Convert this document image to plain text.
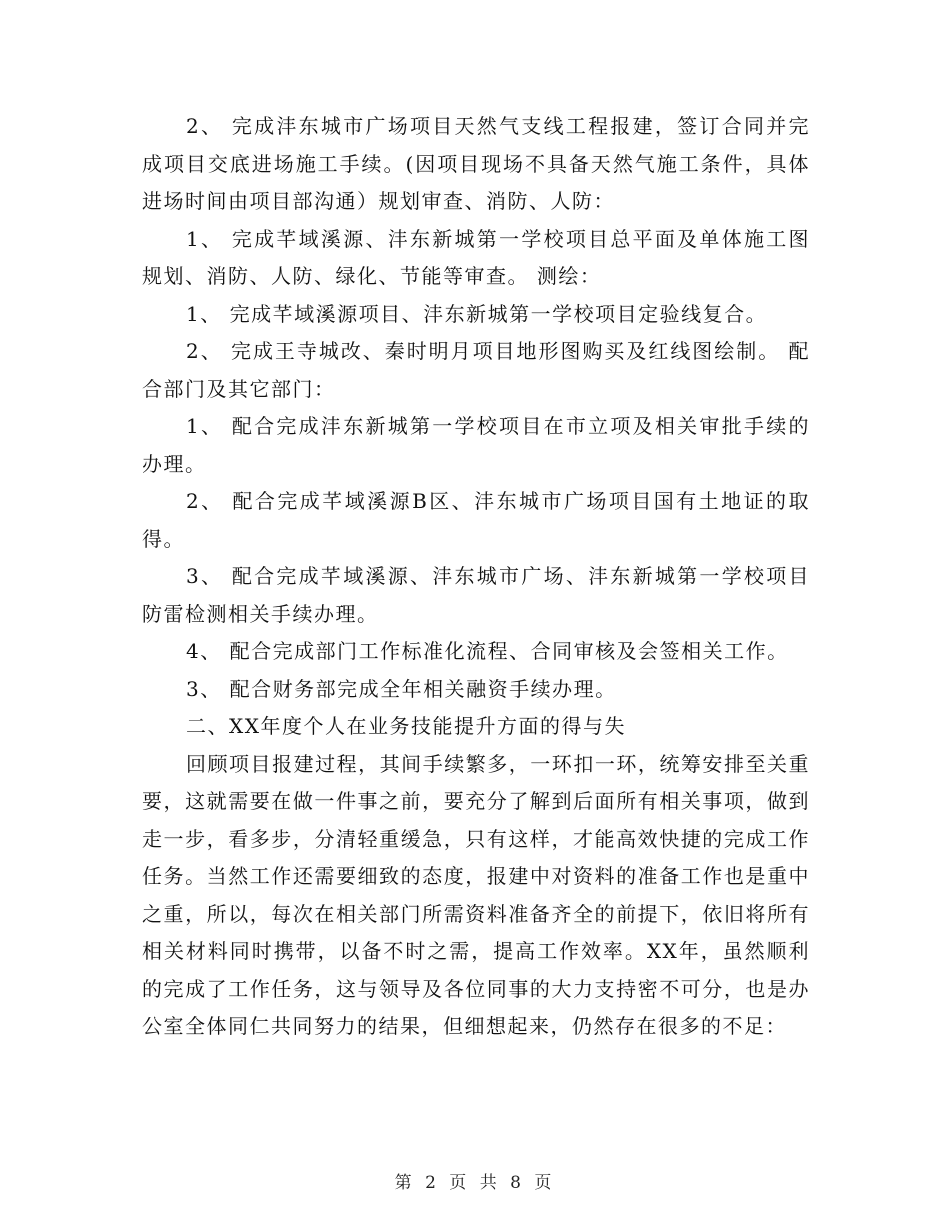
2、 完成沣东城市广场项目天然气支线工程报建，签订合同并完成项目交底进场施工手续。(因项目现场不具备天然气施工条件，具体进场时间由项目部沟通）规划审查、消防、人防：

1、 完成芊域溪源、沣东新城第一学校项目总平面及单体施工图规划、消防、人防、绿化、节能等审查。 测绘：

1、 完成芊域溪源项目、沣东新城第一学校项目定验线复合。

2、 完成王寺城改、秦时明月项目地形图购买及红线图绘制。 配合部门及其它部门：

1、 配合完成沣东新城第一学校项目在市立项及相关审批手续的办理。

2、 配合完成芊域溪源B区、沣东城市广场项目国有土地证的取得。

3、 配合完成芊域溪源、沣东城市广场、沣东新城第一学校项目防雷检测相关手续办理。

4、 配合完成部门工作标准化流程、合同审核及会签相关工作。

3、 配合财务部完成全年相关融资手续办理。

二、XX年度个人在业务技能提升方面的得与失

回顾项目报建过程，其间手续繁多，一环扣一环，统筹安排至关重要，这就需要在做一件事之前，要充分了解到后面所有相关事项，做到走一步，看多步，分清轻重缓急，只有这样，才能高效快捷的完成工作任务。当然工作还需要细致的态度，报建中对资料的准备工作也是重中之重，所以，每次在相关部门所需资料准备齐全的前提下，依旧将所有相关材料同时携带，以备不时之需，提高工作效率。XX年，虽然顺利的完成了工作任务，这与领导及各位同事的大力支持密不可分，也是办公室全体同仁共同努力的结果，但细想起来，仍然存在很多的不足：

第 2 页 共 8 页
